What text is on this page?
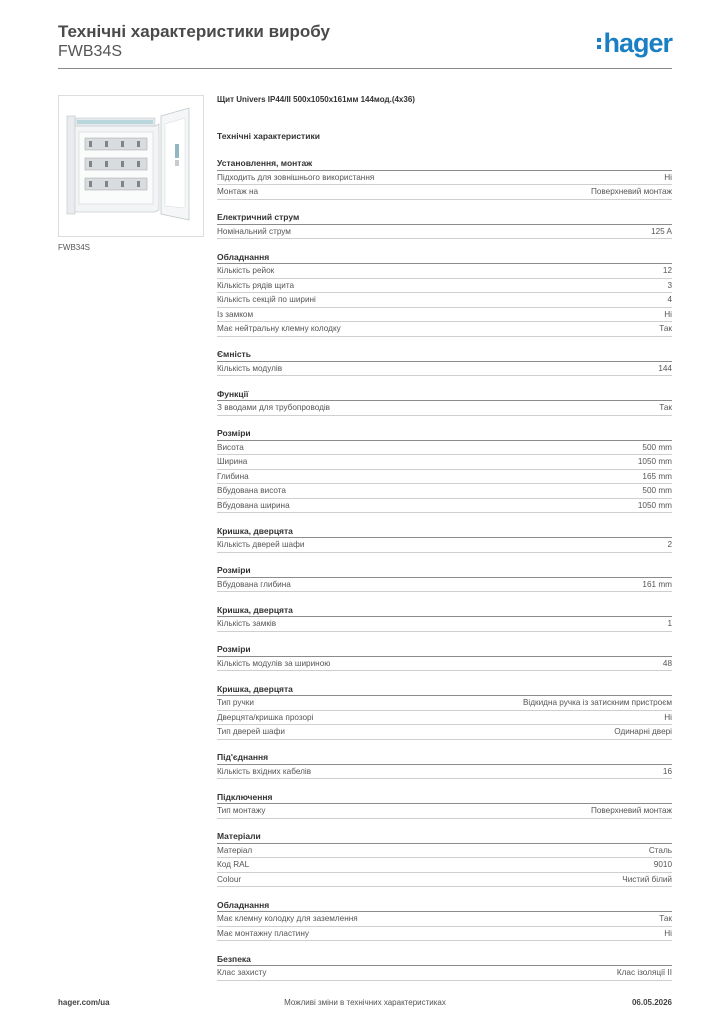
Технічні характеристики виробу
FWB34S	hager
FWB34S
Щит Univers IP44/II 500x1050x161мм 144мод.(4x36)
Технічні характеристики
Установлення, монтаж
Підходить для зовнішнього використання	Ні
Монтаж на	Поверхневий монтаж
Електричний струм
Номінальний струм	125 A
Обладнання
Кількість рейок	12
Кількість рядів щита	3
Кількість секцій по ширині	4
Із замком	Ні
Має нейтральну клемну колодку	Так
Ємність
Кількість модулів	144
Функції
З вводами для трубопроводів	Так
Розміри
Висота	500 mm
Ширина	1050 mm
Глибина	165 mm
Вбудована висота	500 mm
Вбудована ширина	1050 mm
Кришка, дверцята
Кількість дверей шафи	2
Розміри
Вбудована глибина	161 mm
Кришка, дверцята
Кількість замків	1
Розміри
Кількість модулів за шириною	48
Кришка, дверцята
Тип ручки	Відкидна ручка із затискним пристроєм
Дверцята/кришка прозорі	Ні
Тип дверей шафи	Одинарні двері
Під'єднання
Кількість вхідних кабелів	16
Підключення
Тип монтажу	Поверхневий монтаж
Матеріали
Матеріал	Сталь
Код RAL	9010
Colour	Чистий білий
Обладнання
Має клемну колодку для заземлення	Так
Має монтажну пластину	Ні
Безпека
Клас захисту	Клас ізоляції II
hager.com/ua	Можливі зміни в технічних характеристиках	06.05.2026
